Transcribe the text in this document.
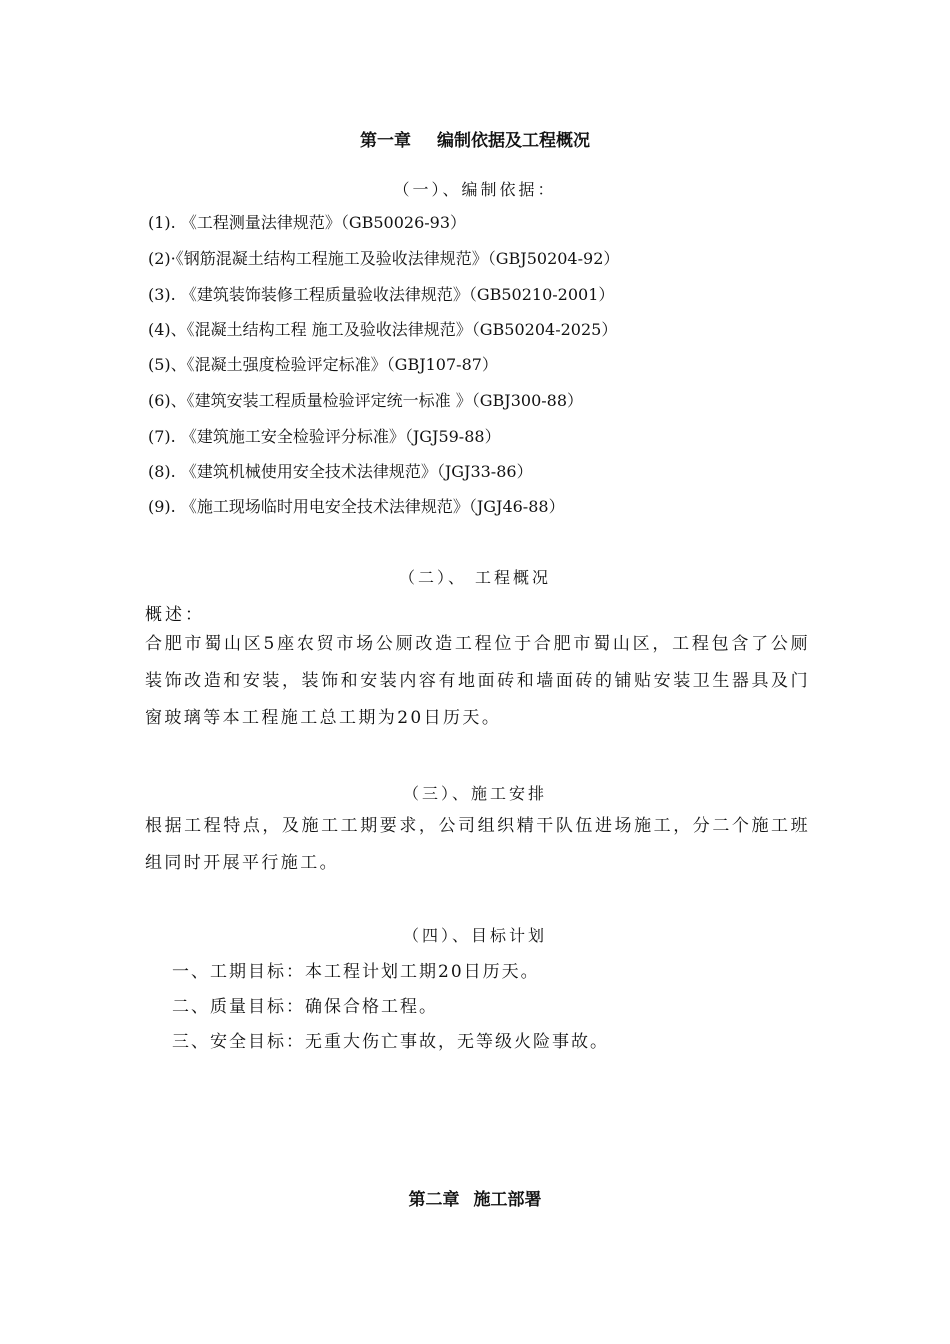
第一章 编制依据及工程概况

（一）、编制依据：

(1). 《工程测量法律规范》（GB50026-93）

(2)·《钢筋混凝土结构工程施工及验收法律规范》（GBJ50204-92）

(3). 《建筑装饰装修工程质量验收法律规范》（GB50210-2001）

(4)、《混凝土结构工程 施工及验收法律规范》（GB50204-2025）

(5)、《混凝土强度检验评定标准》（GBJ107-87）

(6)、《建筑安装工程质量检验评定统一标准 》（GBJ300-88）

(7). 《建筑施工安全检验评分标准》（JGJ59-88）

(8). 《建筑机械使用安全技术法律规范》（JGJ33-86）

(9). 《施工现场临时用电安全技术法律规范》（JGJ46-88）

（二）、 工程概况

概述：

合肥市蜀山区5座农贸市场公厕改造工程位于合肥市蜀山区，工程包含了公厕装饰改造和安装，装饰和安装内容有地面砖和墙面砖的铺贴安装卫生器具及门窗玻璃等本工程施工总工期为20日历天。

（三）、施工安排

根据工程特点，及施工工期要求，公司组织精干队伍进场施工，分二个施工班组同时开展平行施工。

（四）、目标计划

一、工期目标：本工程计划工期20日历天。

二、质量目标：确保合格工程。

三、安全目标：无重大伤亡事故，无等级火险事故。

第二章 施工部署
